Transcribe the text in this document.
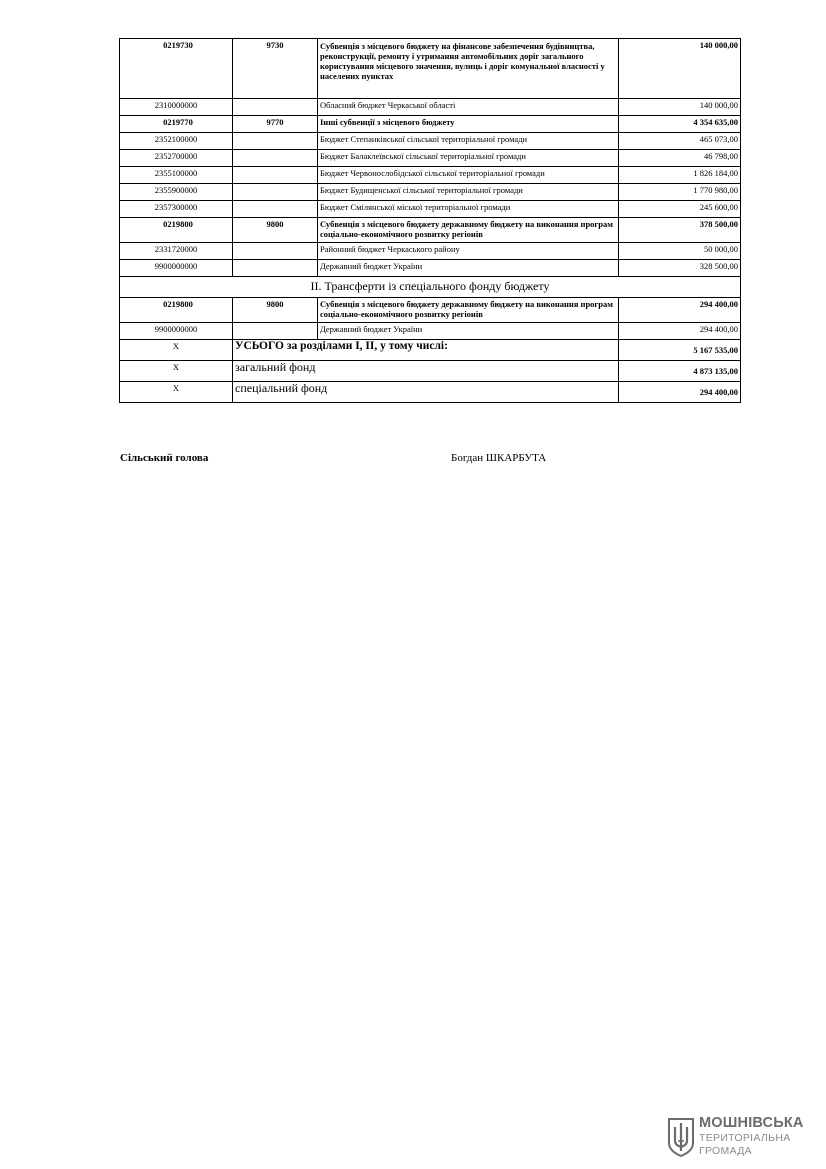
0219730	9730	Субвенція з місцевого бюджету на фінансове забезпечення будівництва, реконструкції, ремонту і утримання автомобільних доріг загального користування місцевого значення, вулиць і доріг комунальної власності у населених пунктах	140 000,00
2310000000		Обласний бюджет Черкаської області	140 000,00
0219770	9770	Інші субвенції з місцевого бюджету	4 354 635,00
2352100000		Бюджет Степанківської сільської територіальної громади	465 073,00
2352700000		Бюджет Балаклеївської сільської територіальної громади	46 798,00
2355100000		Бюджет Червонослобідської сільської територіальної громади	1 826 184,00
2355900000		Бюджет Будищенської сільської територіальної громади	1 770 980,00
2357300000		Бюджет Смілянської міської територіальної громади	245 600,00
0219800	9800	Субвенція з місцевого бюджету державному бюджету на виконання програм соціально-економічного розвитку регіонів	378 500,00
2331720000		Районний бюджет Черкаського району	50 000,00
9900000000		Державний бюджет України	328 500,00
II. Трансферти із спеціального фонду бюджету			
0219800	9800	Субвенція з місцевого бюджету державному бюджету на виконання програм соціально-економічного розвитку регіонів	294 400,00
9900000000		Державний бюджет України	294 400,00
X	УСЬОГО за розділами I, II, у тому числі:		5 167 535,00
X	загальний фонд		4 873 135,00
X	спеціальний фонд		294 400,00
Сільський голова	Богдан ШКАРБУТА
МОШНІВСЬКА
ТЕРИТОРІАЛЬНА
ГРОМАДА
